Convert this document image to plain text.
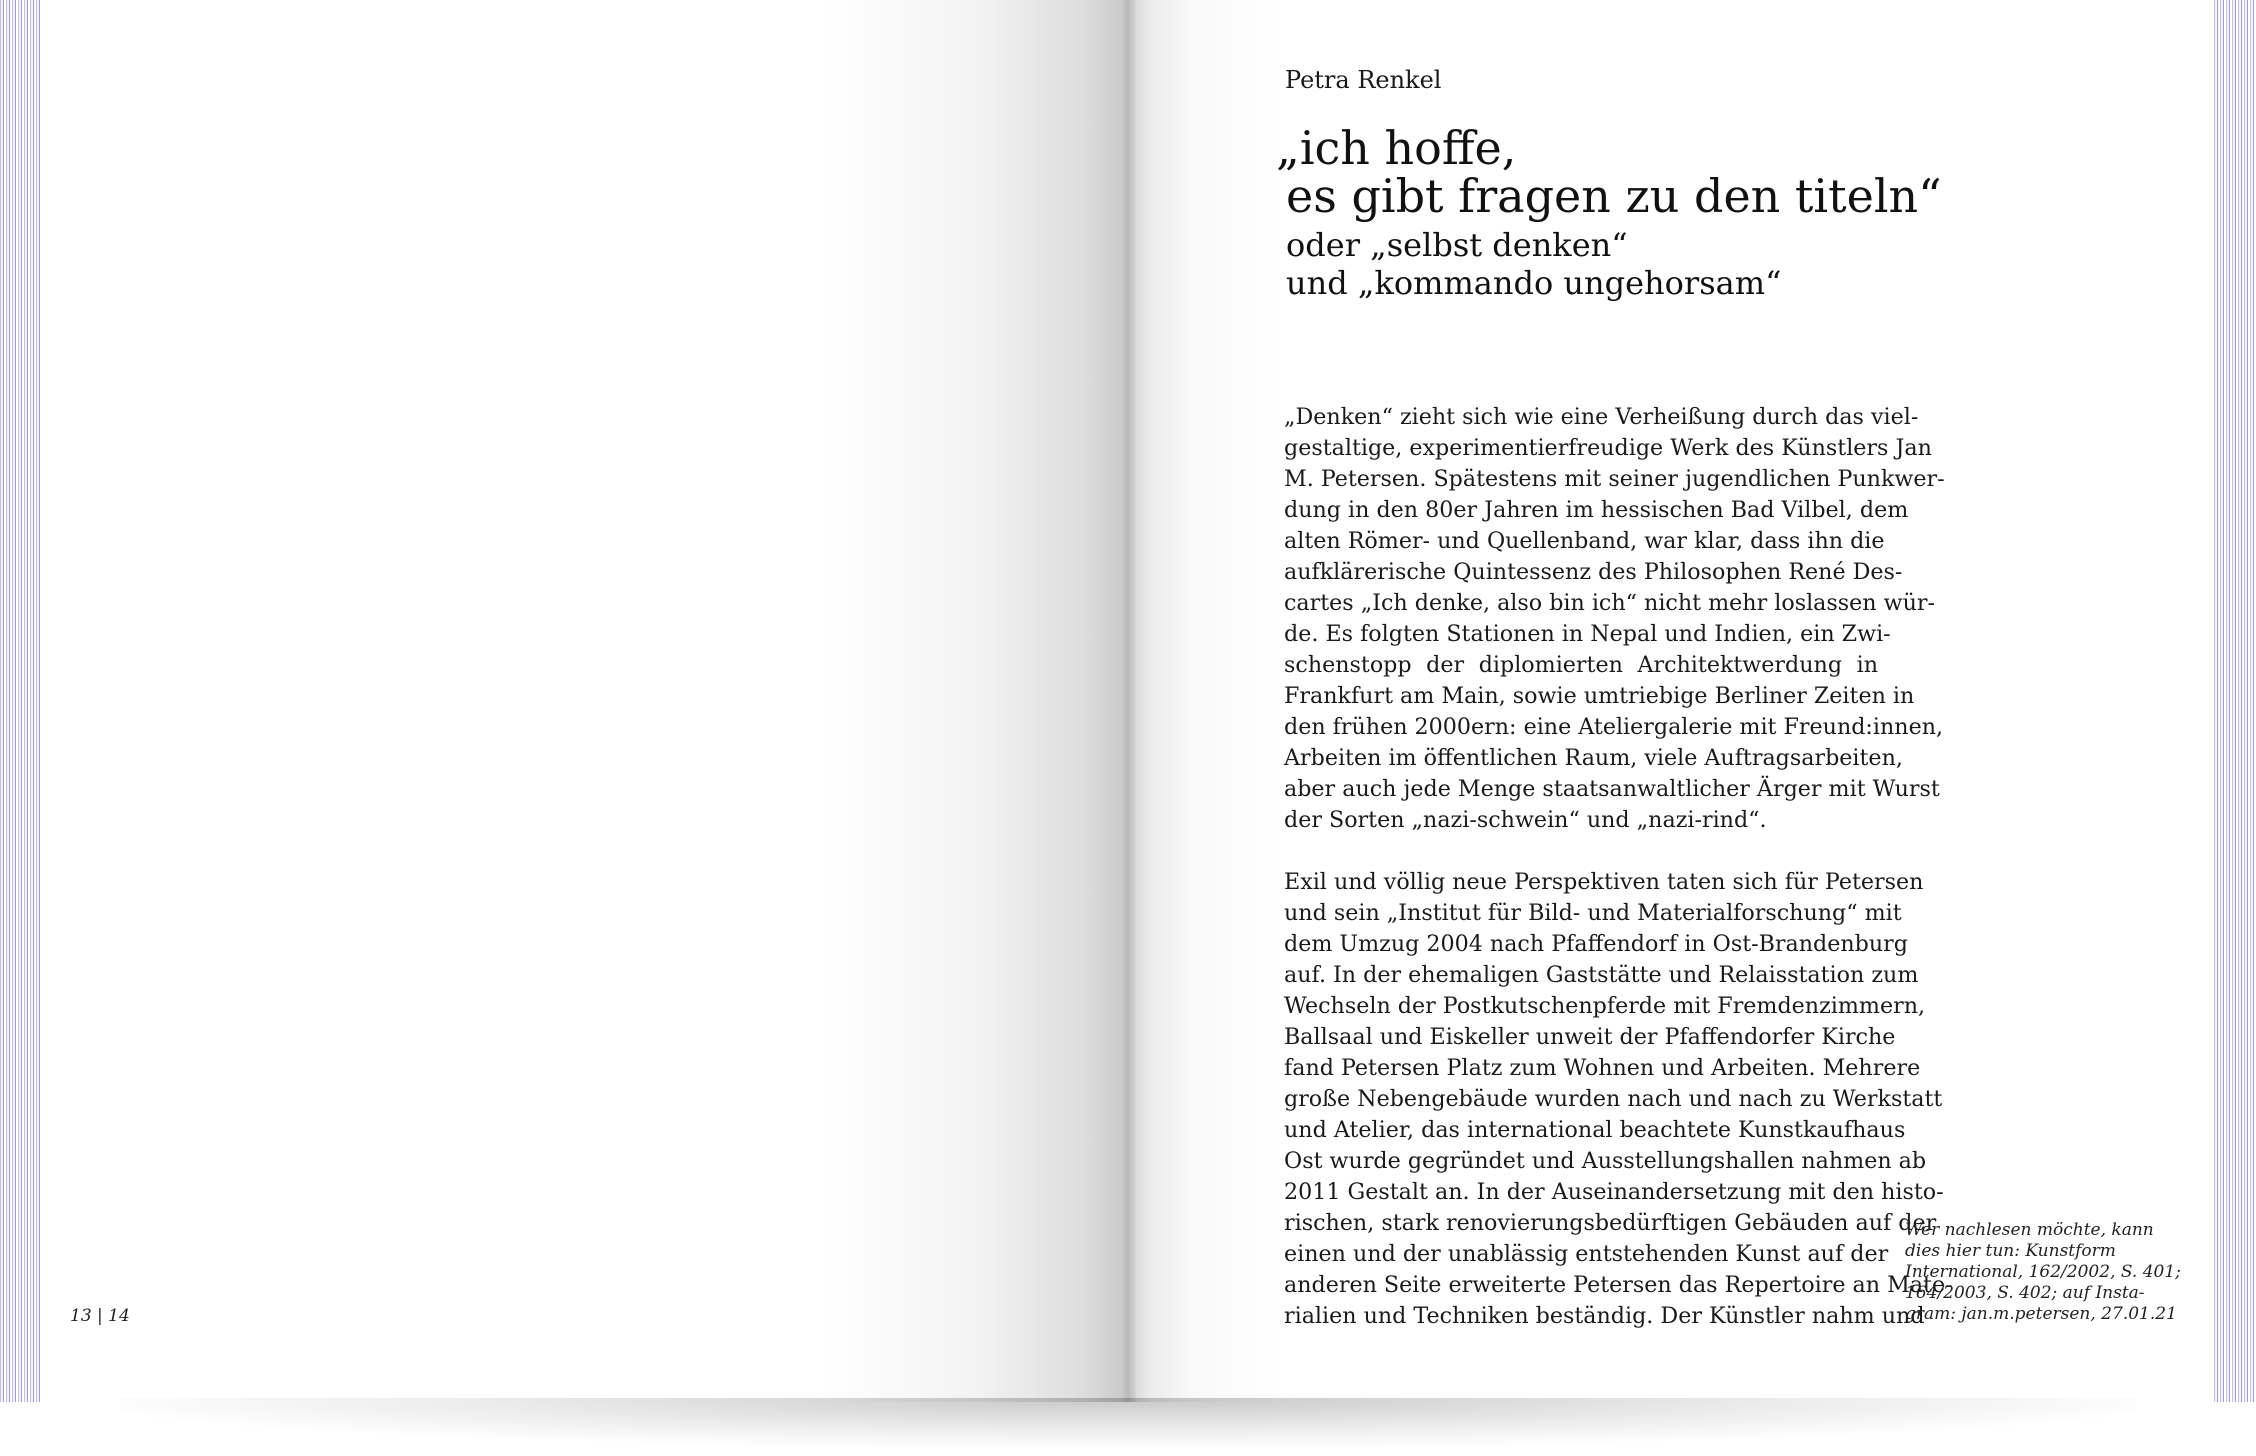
13 | 14
Petra Renkel
„ich hoffe,
es gibt fragen zu den titeln“
oder „selbst denken“
und „kommando ungehorsam“

„Denken“ zieht sich wie eine Verheißung durch das viel-
gestaltige, experimentierfreudige Werk des Künstlers Jan
M. Petersen. Spätestens mit seiner jugendlichen Punkwer-
dung in den 80er Jahren im hessischen Bad Vilbel, dem
alten Römer- und Quellenband, war klar, dass ihn die
aufklärerische Quintessenz des Philosophen René Des-
cartes „Ich denke, also bin ich“ nicht mehr loslassen wür-
de. Es folgten Stationen in Nepal und Indien, ein Zwi-
schenstopp der diplomierten Architektwerdung in
Frankfurt am Main, sowie umtriebige Berliner Zeiten in
den frühen 2000ern: eine Ateliergalerie mit Freund:innen,
Arbeiten im öffentlichen Raum, viele Auftragsarbeiten,
aber auch jede Menge staatsanwaltlicher Ärger mit Wurst
der Sorten „nazi-schwein“ und „nazi-rind“.

Exil und völlig neue Perspektiven taten sich für Petersen
und sein „Institut für Bild- und Materialforschung“ mit
dem Umzug 2004 nach Pfaffendorf in Ost-Brandenburg
auf. In der ehemaligen Gaststätte und Relaisstation zum
Wechseln der Postkutschenpferde mit Fremdenzimmern,
Ballsaal und Eiskeller unweit der Pfaffendorfer Kirche
fand Petersen Platz zum Wohnen und Arbeiten. Mehrere
große Nebengebäude wurden nach und nach zu Werkstatt
und Atelier, das international beachtete Kunstkaufhaus
Ost wurde gegründet und Ausstellungshallen nahmen ab
2011 Gestalt an. In der Auseinandersetzung mit den histo-
rischen, stark renovierungsbedürftigen Gebäuden auf der
einen und der unablässig entstehenden Kunst auf der
anderen Seite erweiterte Petersen das Repertoire an Mate-
rialien und Techniken beständig. Der Künstler nahm und

Wer nachlesen möchte, kann
dies hier tun: Kunstform
International, 162/2002, S. 401;
164/2003, S. 402; auf Insta-
gram: jan.m.petersen, 27.01.21
